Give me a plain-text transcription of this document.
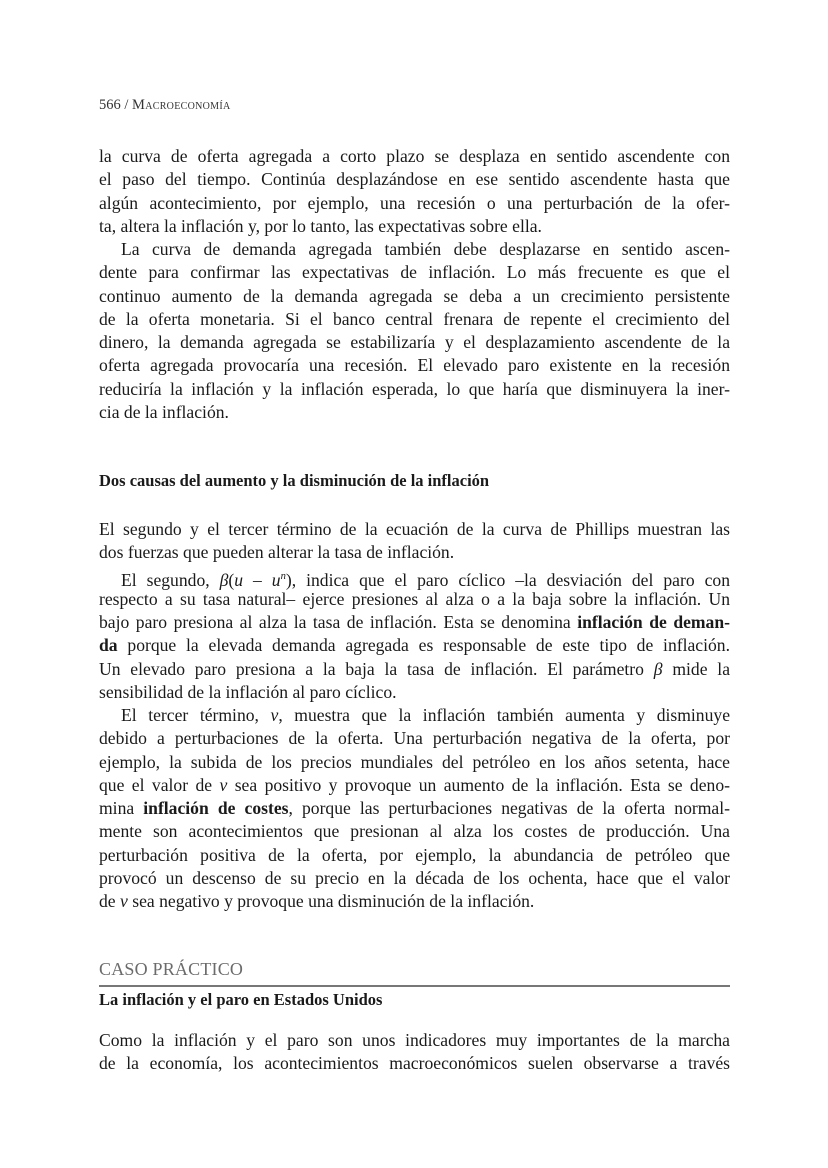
566 / Macroeconomía
la curva de oferta agregada a corto plazo se desplaza en sentido ascendente con
el paso del tiempo. Continúa desplazándose en ese sentido ascendente hasta que
algún acontecimiento, por ejemplo, una recesión o una perturbación de la ofer-
ta, altera la inflación y, por lo tanto, las expectativas sobre ella.
La curva de demanda agregada también debe desplazarse en sentido ascen-
dente para confirmar las expectativas de inflación. Lo más frecuente es que el
continuo aumento de la demanda agregada se deba a un crecimiento persistente
de la oferta monetaria. Si el banco central frenara de repente el crecimiento del
dinero, la demanda agregada se estabilizaría y el desplazamiento ascendente de la
oferta agregada provocaría una recesión. El elevado paro existente en la recesión
reduciría la inflación y la inflación esperada, lo que haría que disminuyera la iner-
cia de la inflación.
Dos causas del aumento y la disminución de la inflación
El segundo y el tercer término de la ecuación de la curva de Phillips muestran las
dos fuerzas que pueden alterar la tasa de inflación.
El segundo, $\beta(u - u^n)$, indica que el paro cíclico –la desviación del paro con
respecto a su tasa natural– ejerce presiones al alza o a la baja sobre la inflación. Un
bajo paro presiona al alza la tasa de inflación. Esta se denomina inflación de deman-
da porque la elevada demanda agregada es responsable de este tipo de inflación.
Un elevado paro presiona a la baja la tasa de inflación. El parámetro β mide la
sensibilidad de la inflación al paro cíclico.
El tercer término, v, muestra que la inflación también aumenta y disminuye
debido a perturbaciones de la oferta. Una perturbación negativa de la oferta, por
ejemplo, la subida de los precios mundiales del petróleo en los años setenta, hace
que el valor de v sea positivo y provoque un aumento de la inflación. Esta se deno-
mina inflación de costes, porque las perturbaciones negativas de la oferta normal-
mente son acontecimientos que presionan al alza los costes de producción. Una
perturbación positiva de la oferta, por ejemplo, la abundancia de petróleo que
provocó un descenso de su precio en la década de los ochenta, hace que el valor
de v sea negativo y provoque una disminución de la inflación.
CASO PRÁCTICO
La inflación y el paro en Estados Unidos
Como la inflación y el paro son unos indicadores muy importantes de la marcha
de la economía, los acontecimientos macroeconómicos suelen observarse a través
